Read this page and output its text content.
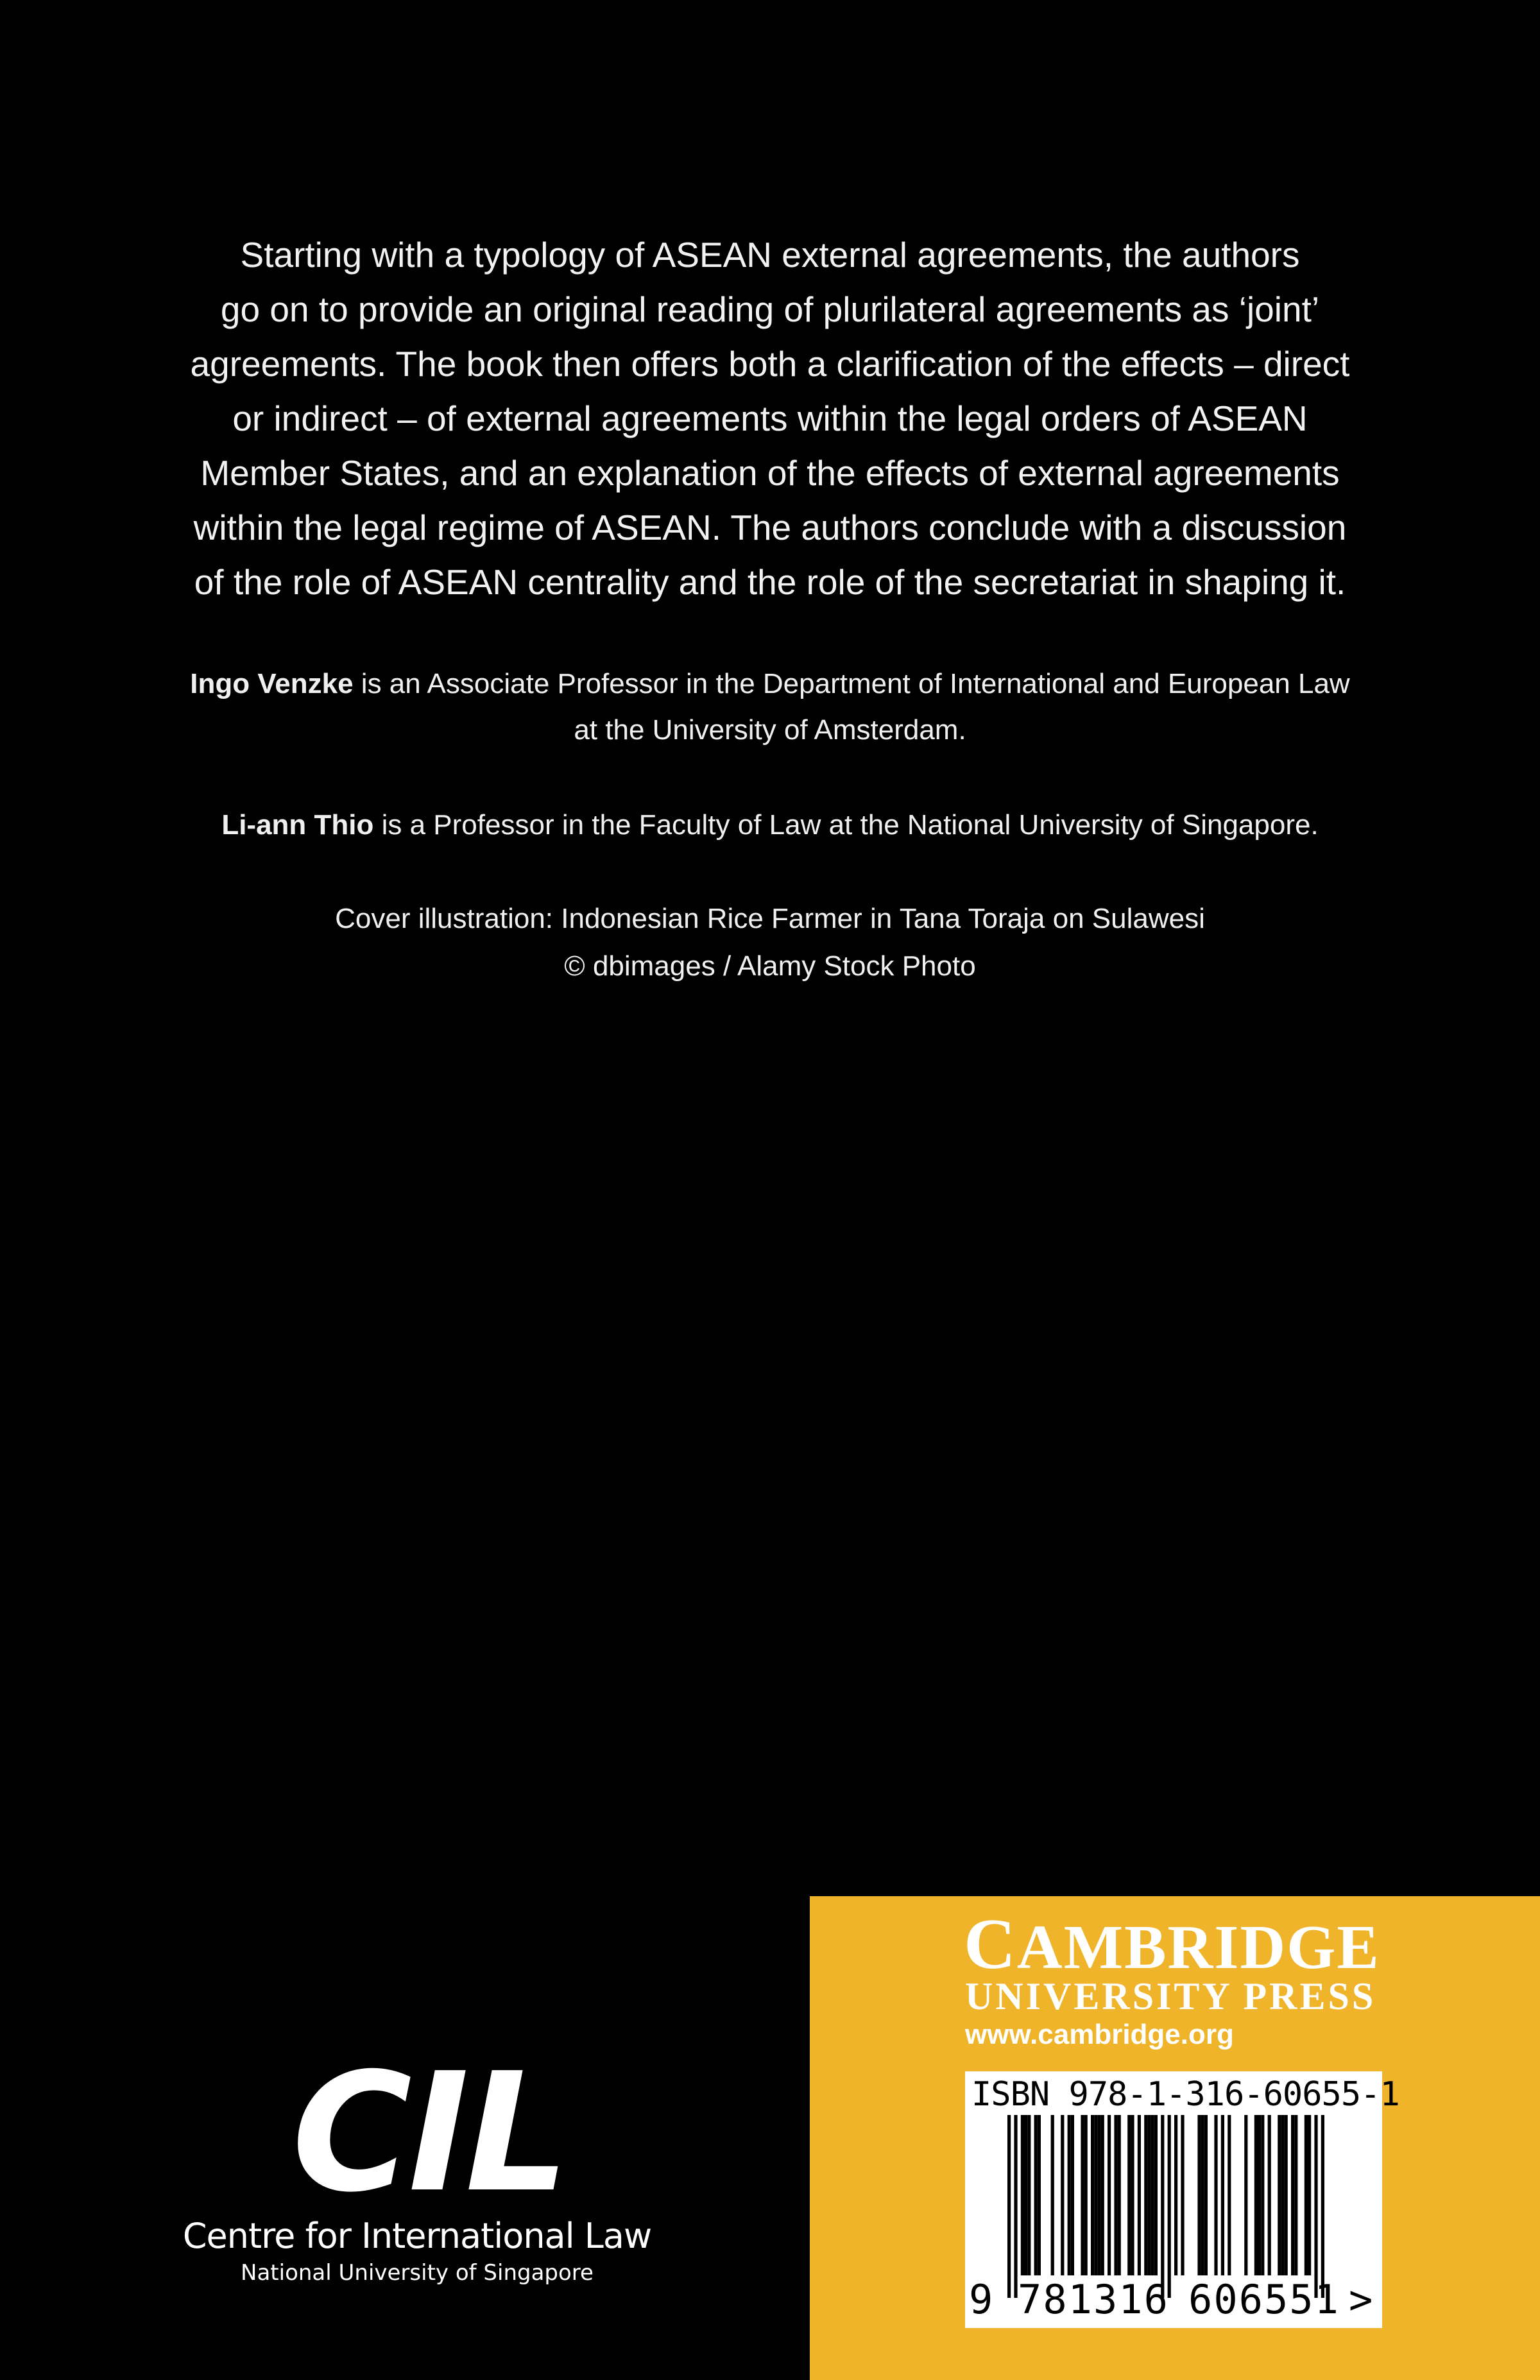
Starting with a typology of ASEAN external agreements, the authors
go on to provide an original reading of plurilateral agreements as ‘joint’
agreements. The book then offers both a clarification of the effects – direct
or indirect – of external agreements within the legal orders of ASEAN
Member States, and an explanation of the effects of external agreements
within the legal regime of ASEAN. The authors conclude with a discussion
of the role of ASEAN centrality and the role of the secretariat in shaping it.

Ingo Venzke is an Associate Professor in the Department of International and European Law
at the University of Amsterdam.

Li-ann Thio is a Professor in the Faculty of Law at the National University of Singapore.

Cover illustration: Indonesian Rice Farmer in Tana Toraja on Sulawesi

© dbimages / Alamy Stock Photo

CIL
Centre for International Law
National University of Singapore
CAMBRIDGE
UNIVERSITY PRESS
www.cambridge.org
ISBN 978-1-316-60655-1
9 781316 606551 >
